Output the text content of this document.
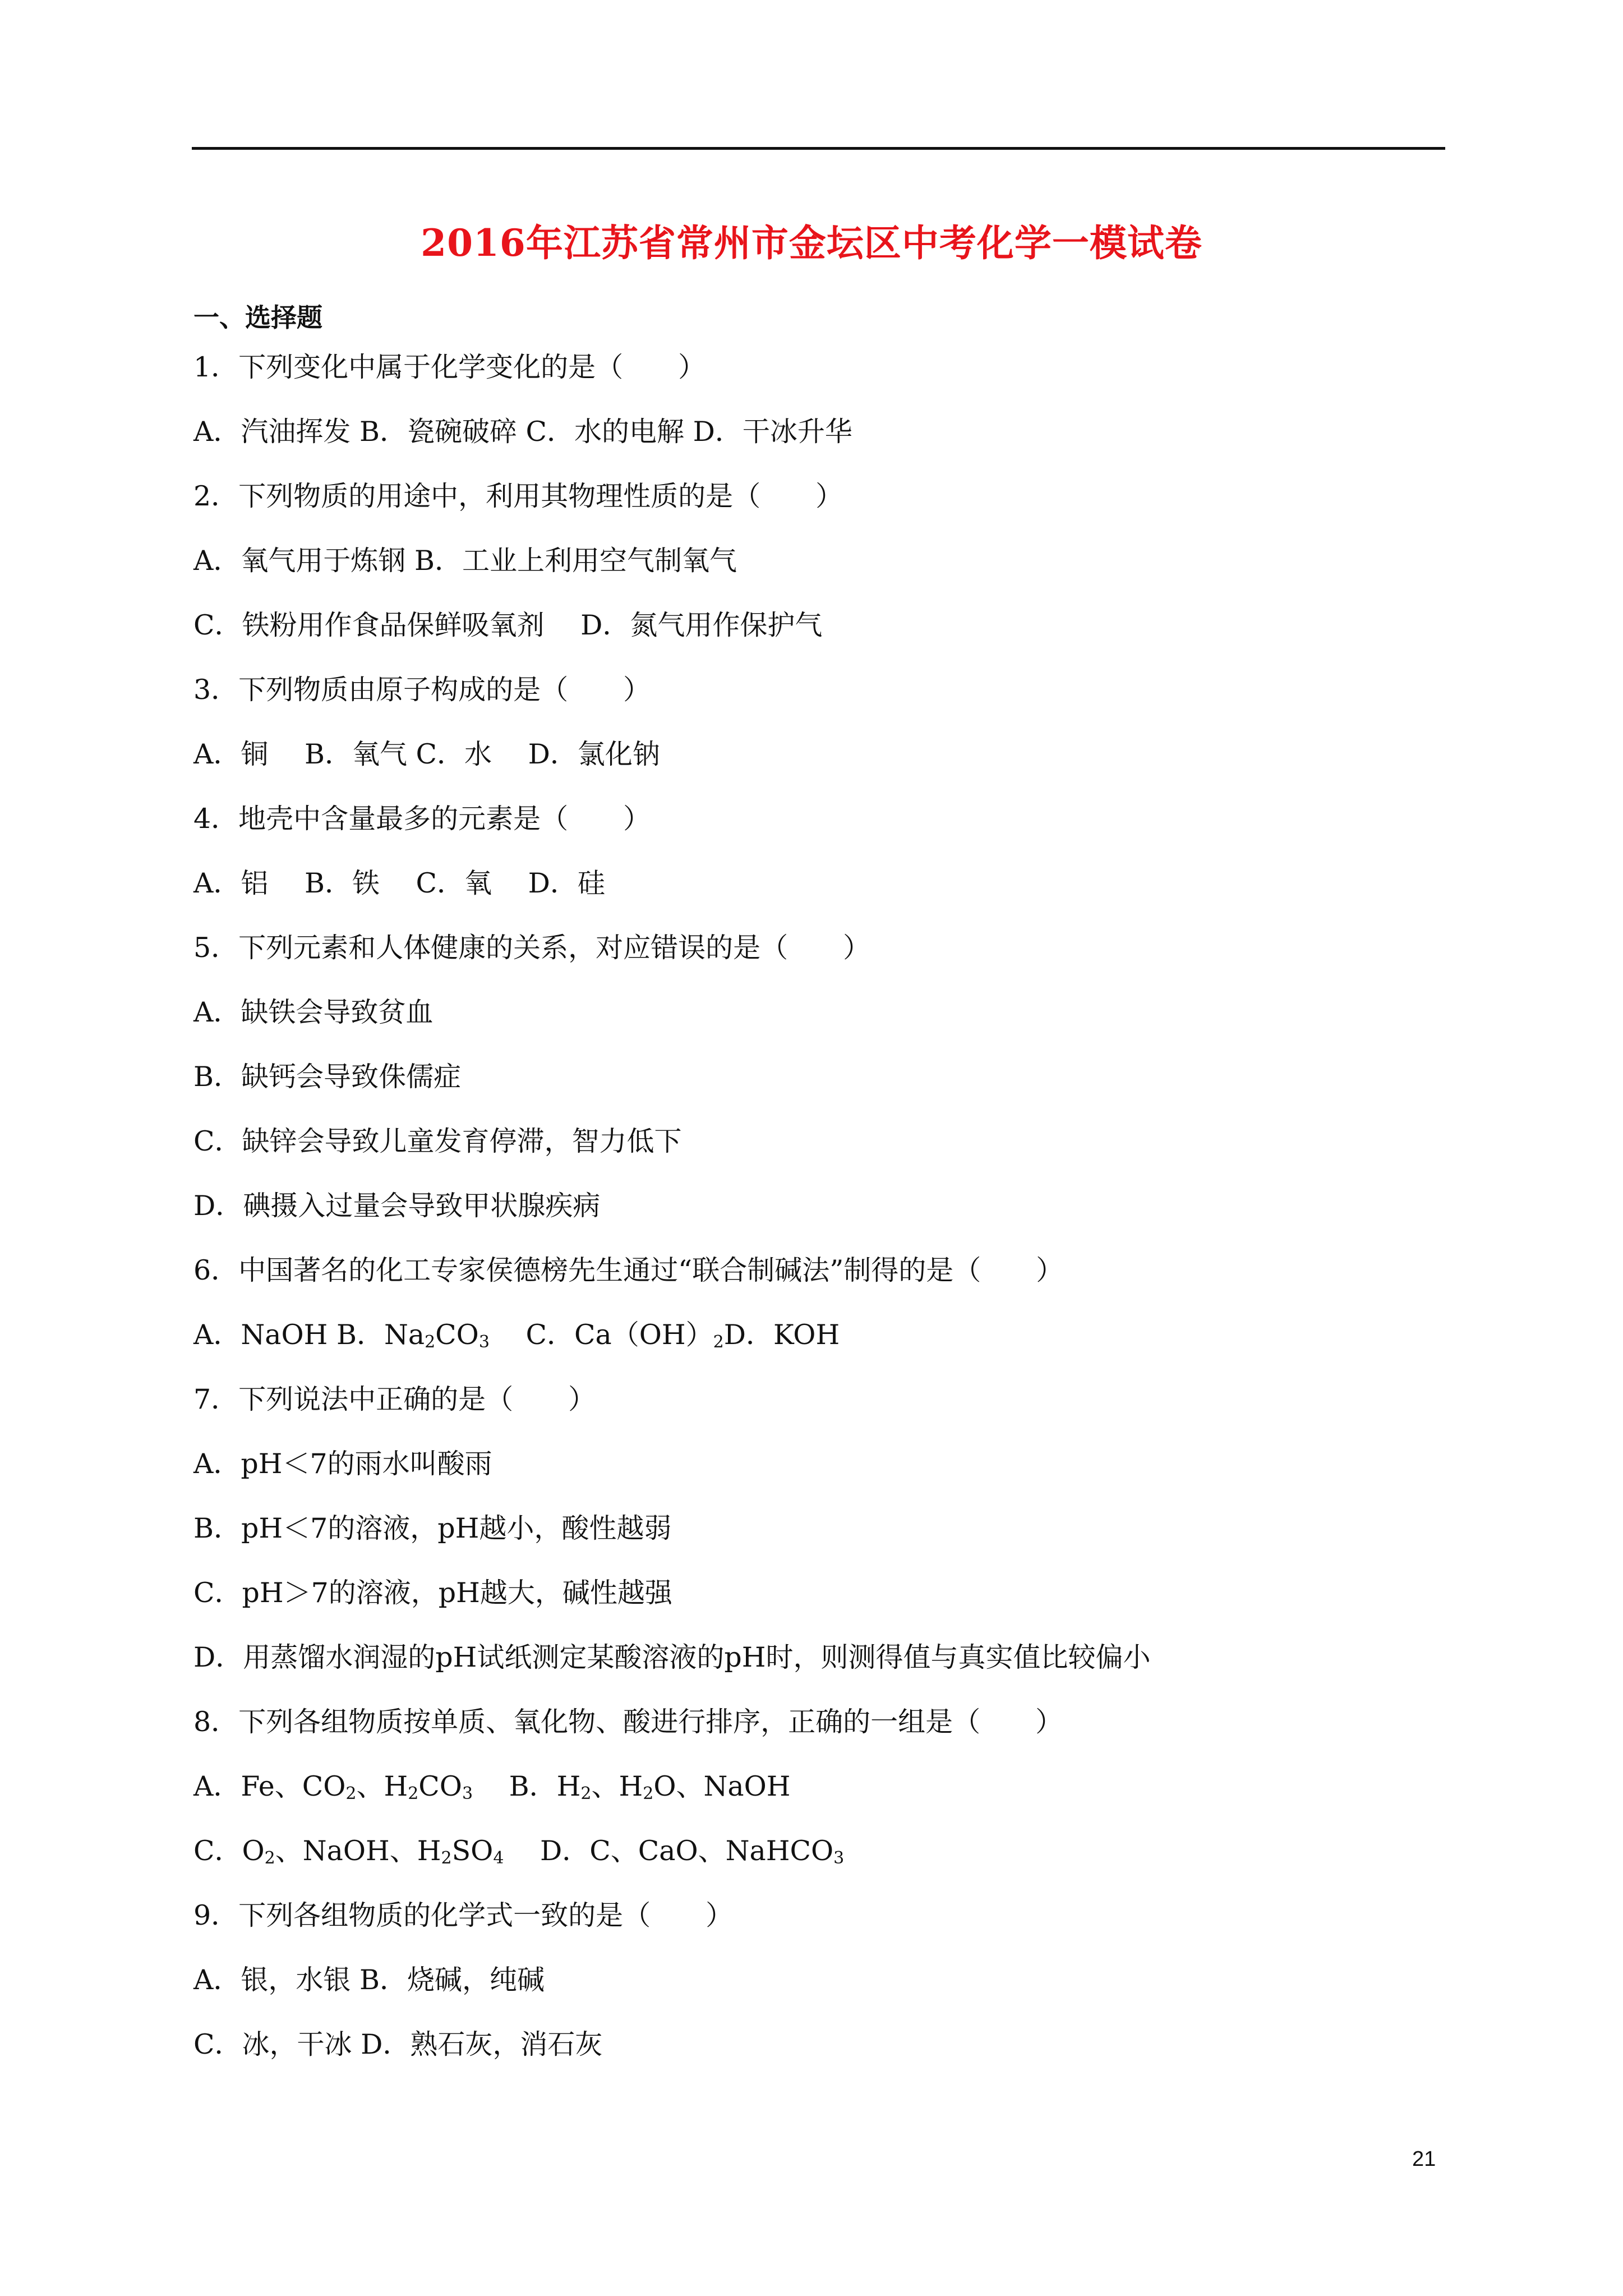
2016年江苏省常州市金坛区中考化学一模试卷
一、选择题
1．下列变化中属于化学变化的是（　　）
A．汽油挥发 B．瓷碗破碎 C．水的电解 D．干冰升华
2．下列物质的用途中，利用其物理性质的是（　　）
A．氧气用于炼钢 B．工业上利用空气制氧气
C．铁粉用作食品保鲜吸氧剂　 D．氮气用作保护气
3．下列物质由原子构成的是（　　）
A．铜　 B．氧气 C．水　 D．氯化钠
4．地壳中含量最多的元素是（　　）
A．铝　 B．铁　 C．氧　 D．硅
5．下列元素和人体健康的关系，对应错误的是（　　）
A．缺铁会导致贫血
B．缺钙会导致侏儒症
C．缺锌会导致儿童发育停滞，智力低下
D．碘摄入过量会导致甲状腺疾病
6．中国著名的化工专家侯德榜先生通过“联合制碱法”制得的是（　　）
A．NaOH B．$Na_2CO_3$　 C．$Ca(OH)_2D$．KOH
7．下列说法中正确的是（　　）
A．pH＜7的雨水叫酸雨
B．pH＜7的溶液，pH越小，酸性越弱
C．pH＞7的溶液，pH越大，碱性越强
D．用蒸馏水润湿的pH试纸测定某酸溶液的pH时，则测得值与真实值比较偏小
8．下列各组物质按单质、氧化物、酸进行排序，正确的一组是（　　）
A．Fe、$CO_2$、$H_2CO_3$　 B．$H_2$、$H_2O$、NaOH
C．$O_2$、NaOH、$H_2SO_4$　 D．C、CaO、NaHCO$_3$
9．下列各组物质的化学式一致的是（　　）
A．银，水银 B．烧碱，纯碱
C．冰，干冰 D．熟石灰，消石灰
21
